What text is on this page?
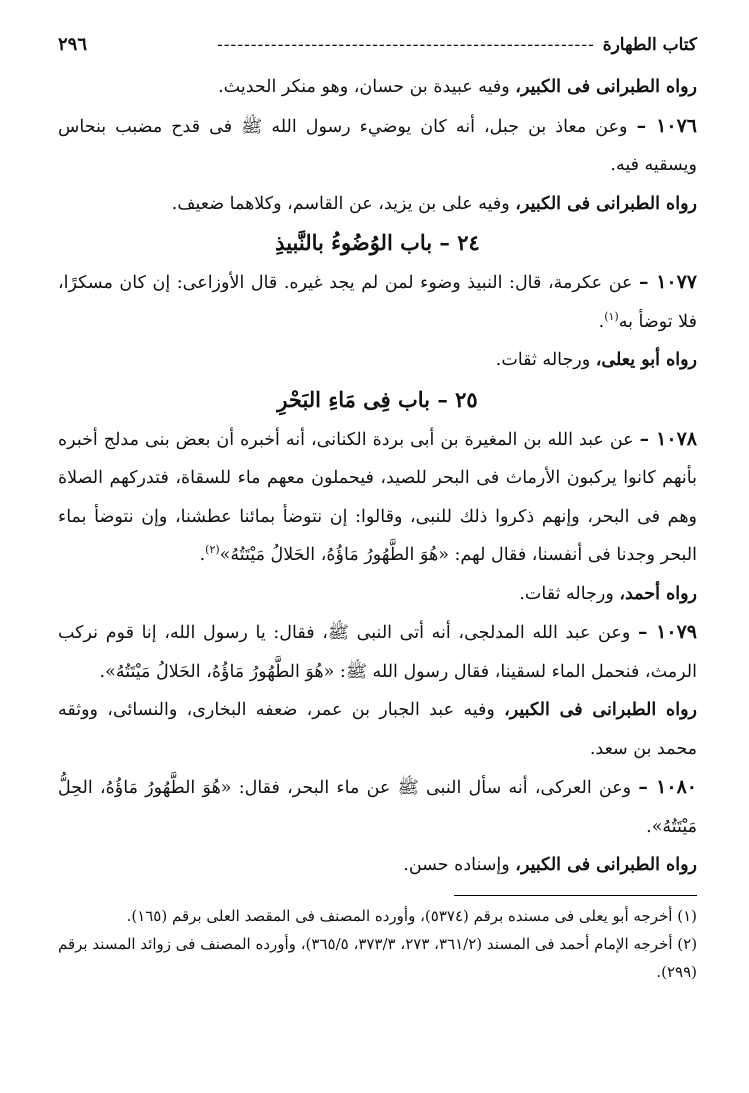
كتاب الطهارة
--------------------------------------------------------
٢٩٦

رواه الطبرانى فى الكبير، وفيه عبيدة بن حسان، وهو منكر الحديث.

١٠٧٦ – وعن معاذ بن جبل، أنه كان يوضيء رسول الله ﷺ فى قدح مضبب بنحاس ويسقيه فيه.

رواه الطبرانى فى الكبير، وفيه على بن يزيد، عن القاسم، وكلاهما ضعيف.

٢٤ – باب الوُضُوءُ بالنَّبيذِ

١٠٧٧ – عن عكرمة، قال: النبيذ وضوء لمن لم يجد غيره. قال الأوزاعى: إن كان مسكرًا، فلا توضأ به$^{(١)}$.

رواه أبو يعلى، ورجاله ثقات.

٢٥ – باب فِى مَاءِ البَحْرِ

١٠٧٨ – عن عبد الله بن المغيرة بن أبى بردة الكنانى، أنه أخبره أن بعض بنى مدلج أخبره بأنهم كانوا يركبون الأرماث فى البحر للصيد، فيحملون معهم ماء للسقاة، فتدركهم الصلاة وهم فى البحر، وإنهم ذكروا ذلك للنبى، وقالوا: إن نتوضأ بمائنا عطشنا، وإن نتوضأ بماء البحر وجدنا فى أنفسنا، فقال لهم: «هُوَ الطَّهُورُ مَاؤُهُ، الحَلالُ مَيْتَتُهُ»$^{(٢)}$.

رواه أحمد، ورجاله ثقات.

١٠٧٩ – وعن عبد الله المدلجى، أنه أتى النبى ﷺ، فقال: يا رسول الله، إنا قوم نركب الرمث، فنحمل الماء لسقينا، فقال رسول الله ﷺ: «هُوَ الطَّهُورُ مَاؤُهُ، الحَلالُ مَيْتَتُهُ».

رواه الطبرانى فى الكبير، وفيه عبد الجبار بن عمر، ضعفه البخارى، والنسائى، ووثقه محمد بن سعد.

١٠٨٠ – وعن العركى، أنه سأل النبى ﷺ عن ماء البحر، فقال: «هُوَ الطَّهُورُ مَاؤُهُ، الحِلُّ مَيْتَتُهُ».

رواه الطبرانى فى الكبير، وإسناده حسن.

(١) أخرجه أبو يعلى فى مسنده برقم (٥٣٧٤)، وأورده المصنف فى المقصد العلى برقم (١٦٥).

(٢) أخرجه الإمام أحمد فى المسند (٣٦١/٢، ٢٧٣، ٣٧٣/٣، ٣٦٥/٥)، وأورده المصنف فى زوائد المسند برقم (٢٩٩).
